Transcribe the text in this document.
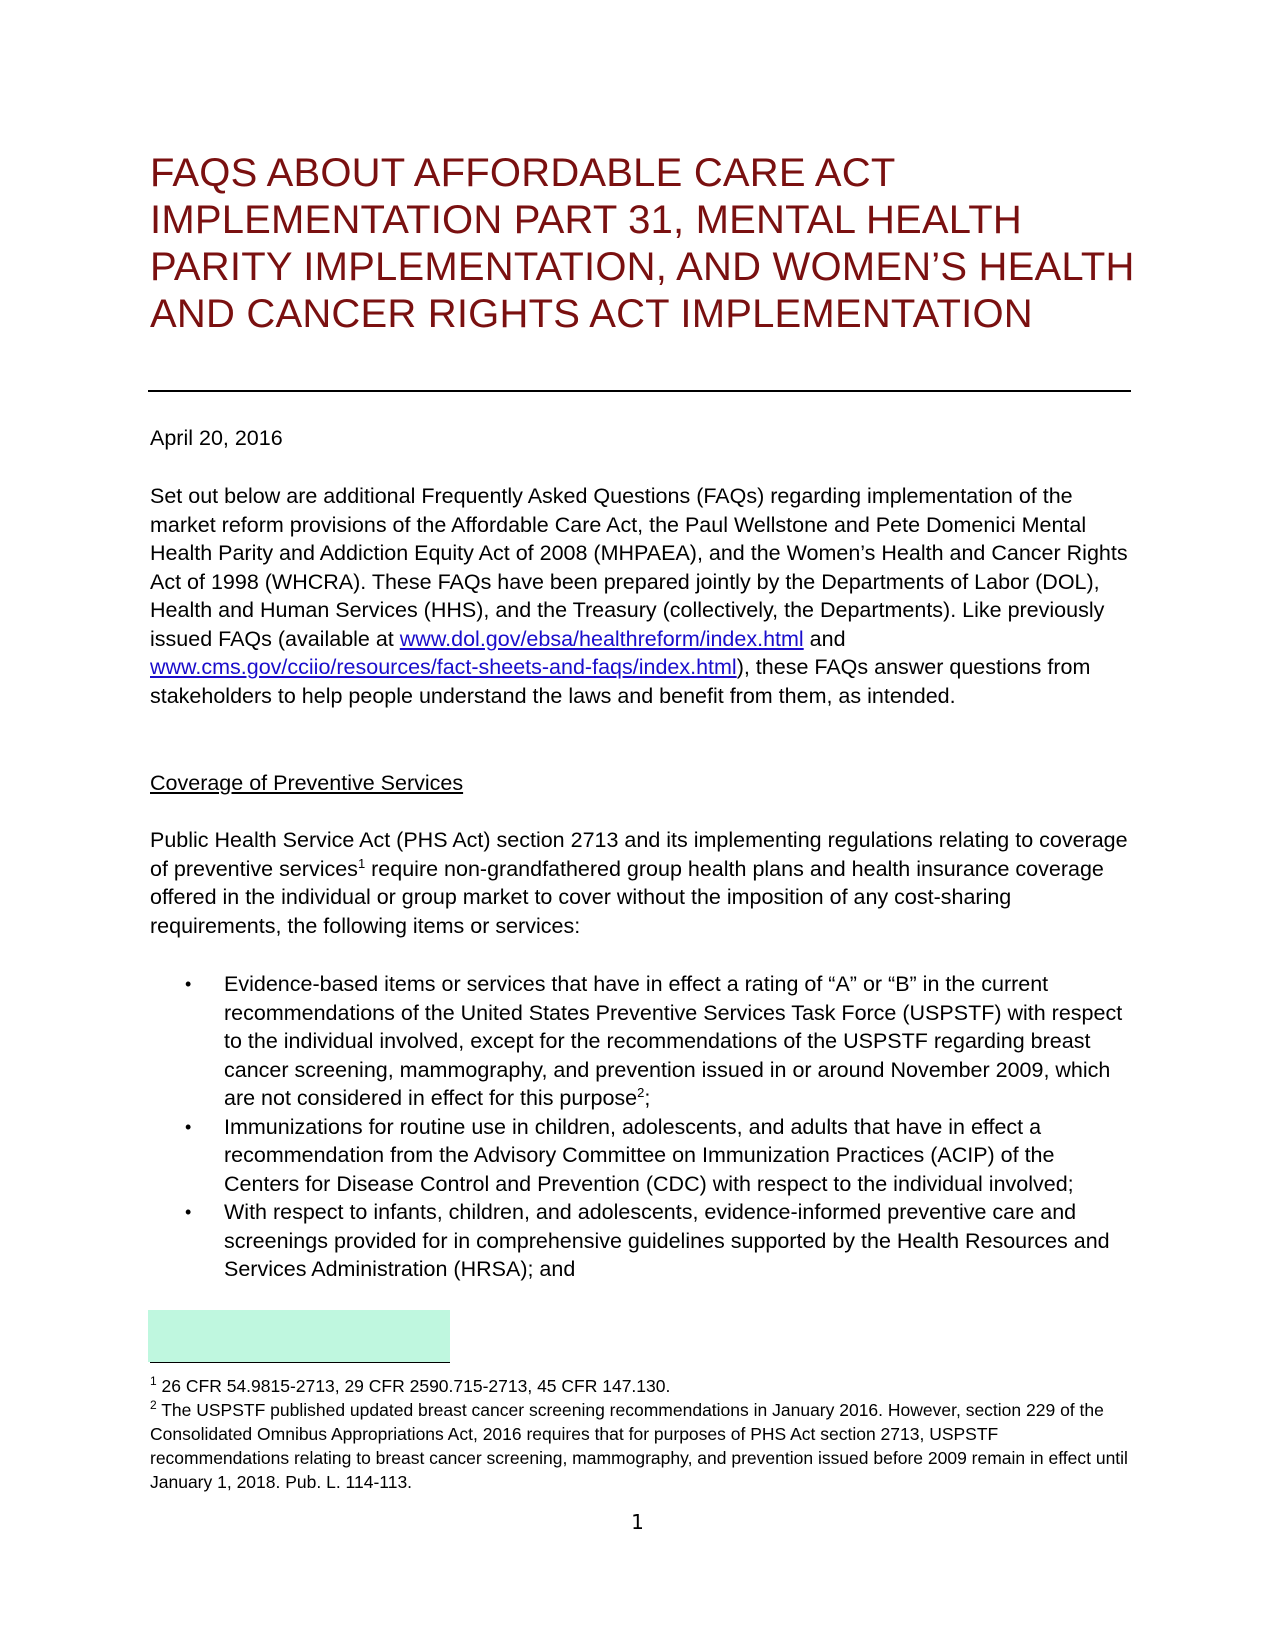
FAQS ABOUT AFFORDABLE CARE ACT IMPLEMENTATION PART 31, MENTAL HEALTH PARITY IMPLEMENTATION, AND WOMEN’S HEALTH AND CANCER RIGHTS ACT IMPLEMENTATION

April 20, 2016

Set out below are additional Frequently Asked Questions (FAQs) regarding implementation of the market reform provisions of the Affordable Care Act, the Paul Wellstone and Pete Domenici Mental Health Parity and Addiction Equity Act of 2008 (MHPAEA), and the Women’s Health and Cancer Rights Act of 1998 (WHCRA). These FAQs have been prepared jointly by the Departments of Labor (DOL), Health and Human Services (HHS), and the Treasury (collectively, the Departments). Like previously issued FAQs (available at www.dol.gov/ebsa/healthreform/index.html and www.cms.gov/cciio/resources/fact-sheets-and-faqs/index.html), these FAQs answer questions from stakeholders to help people understand the laws and benefit from them, as intended.

Coverage of Preventive Services

Public Health Service Act (PHS Act) section 2713 and its implementing regulations relating to coverage of preventive services$^1$ require non-grandfathered group health plans and health insurance coverage offered in the individual or group market to cover without the imposition of any cost-sharing requirements, the following items or services:

• Evidence-based items or services that have in effect a rating of “A” or “B” in the current recommendations of the United States Preventive Services Task Force (USPSTF) with respect to the individual involved, except for the recommendations of the USPSTF regarding breast cancer screening, mammography, and prevention issued in or around November 2009, which are not considered in effect for this purpose$^2$;
• Immunizations for routine use in children, adolescents, and adults that have in effect a recommendation from the Advisory Committee on Immunization Practices (ACIP) of the Centers for Disease Control and Prevention (CDC) with respect to the individual involved;
• With respect to infants, children, and adolescents, evidence-informed preventive care and screenings provided for in comprehensive guidelines supported by the Health Resources and Services Administration (HRSA); and

$^1$ 26 CFR 54.9815-2713, 29 CFR 2590.715-2713, 45 CFR 147.130.

$^2$ The USPSTF published updated breast cancer screening recommendations in January 2016. However, section 229 of the Consolidated Omnibus Appropriations Act, 2016 requires that for purposes of PHS Act section 2713, USPSTF recommendations relating to breast cancer screening, mammography, and prevention issued before 2009 remain in effect until January 1, 2018. Pub. L. 114-113.

1
